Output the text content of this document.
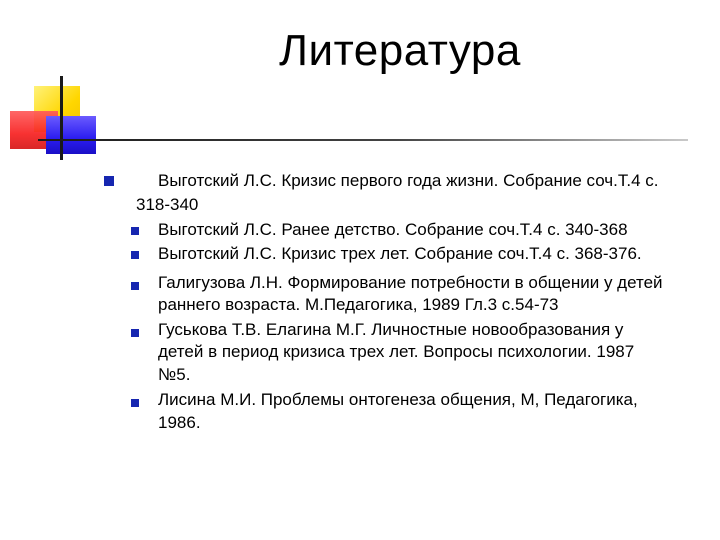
Литература
Выготский Л.С. Кризис первого года жизни. Собрание соч.Т.4 с.
318-340
Выготский Л.С. Ранее детство. Собрание соч.Т.4 с. 340-368
Выготский Л.С. Кризис трех лет. Собрание соч.Т.4 с. 368-376.
Галигузова Л.Н. Формирование потребности в общении у детей
раннего возраста. М.Педагогика, 1989 Гл.3 с.54-73
Гуськова Т.В. Елагина М.Г. Личностные новообразования у
детей в период кризиса трех лет. Вопросы психологии. 1987
№5.
Лисина М.И. Проблемы онтогенеза общения, М, Педагогика,
1986.
